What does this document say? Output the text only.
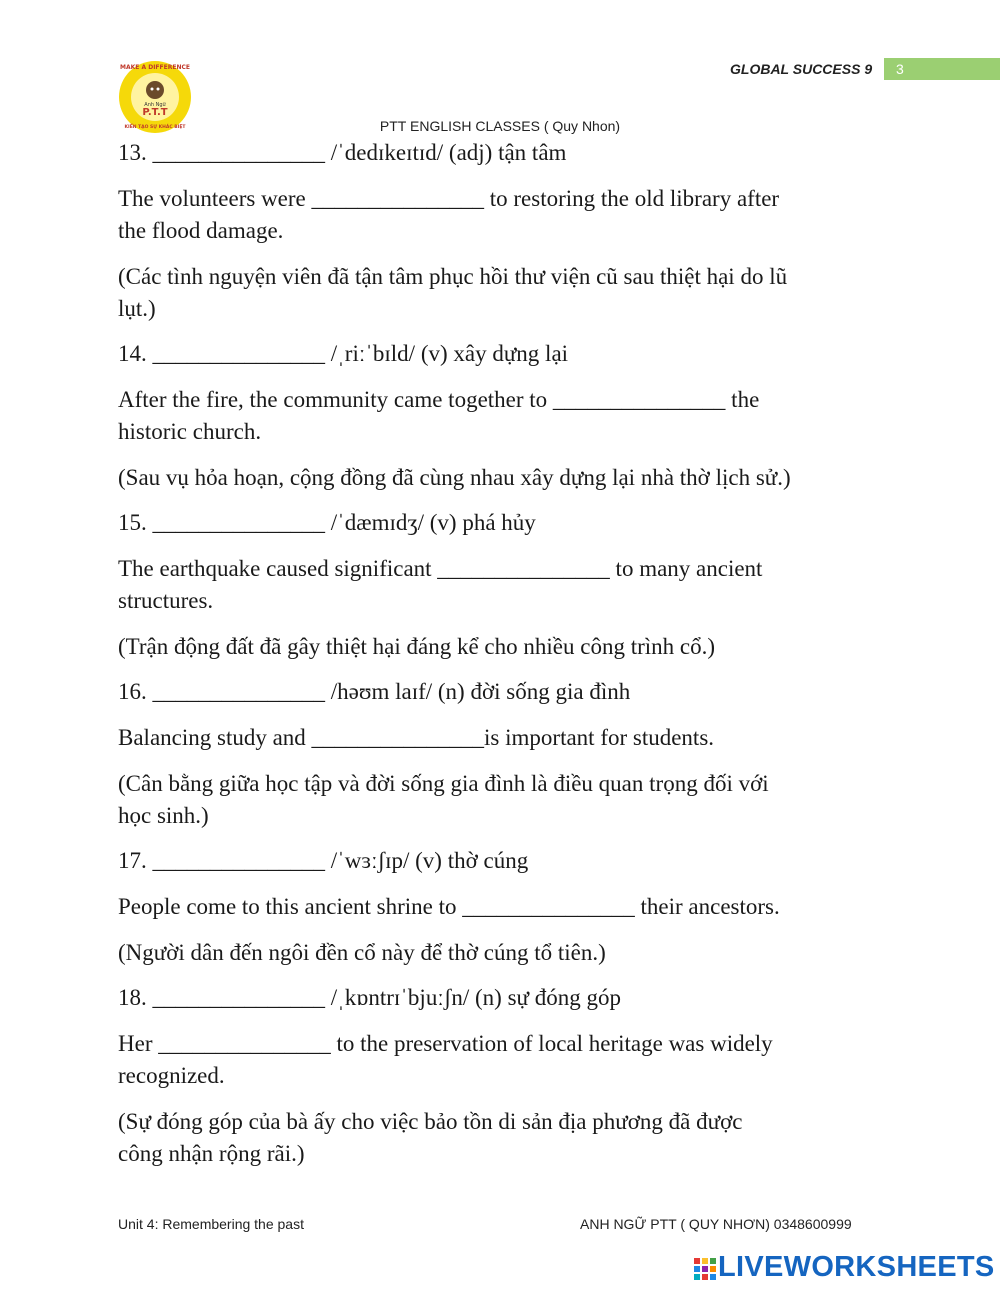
MAKE A DIFFERENCE
Anh Ngữ
P.T.T
KIẾN TẠO SỰ KHÁC BIỆT
GLOBAL SUCCESS 9 3
PTT ENGLISH CLASSES ( Quy Nhon)
13. _______________ /ˈdedɪkeɪtɪd/ (adj) tận tâm
The volunteers were _______________ to restoring the old library after
the flood damage.
(Các tình nguyện viên đã tận tâm phục hồi thư viện cũ sau thiệt hại do lũ
lụt.)
14. _______________ /ˌriːˈbɪld/ (v) xây dựng lại
After the fire, the community came together to _______________ the
historic church.
(Sau vụ hỏa hoạn, cộng đồng đã cùng nhau xây dựng lại nhà thờ lịch sử.)
15. _______________ /ˈdæmɪdʒ/ (v) phá hủy
The earthquake caused significant _______________ to many ancient
structures.
(Trận động đất đã gây thiệt hại đáng kể cho nhiều công trình cổ.)
16. _______________ /həʊm laɪf/ (n) đời sống gia đình
Balancing study and _______________is important for students.
(Cân bằng giữa học tập và đời sống gia đình là điều quan trọng đối với
học sinh.)
17. _______________ /ˈwɜːʃɪp/ (v) thờ cúng
People come to this ancient shrine to _______________ their ancestors.
(Người dân đến ngôi đền cổ này để thờ cúng tổ tiên.)
18. _______________ /ˌkɒntrɪˈbjuːʃn/ (n) sự đóng góp
Her _______________ to the preservation of local heritage was widely
recognized.
(Sự đóng góp của bà ấy cho việc bảo tồn di sản địa phương đã được
công nhận rộng rãi.)
Unit 4: Remembering the past	ANH NGỮ PTT ( QUY NHƠN) 0348600999
LIVEWORKSHEETS
